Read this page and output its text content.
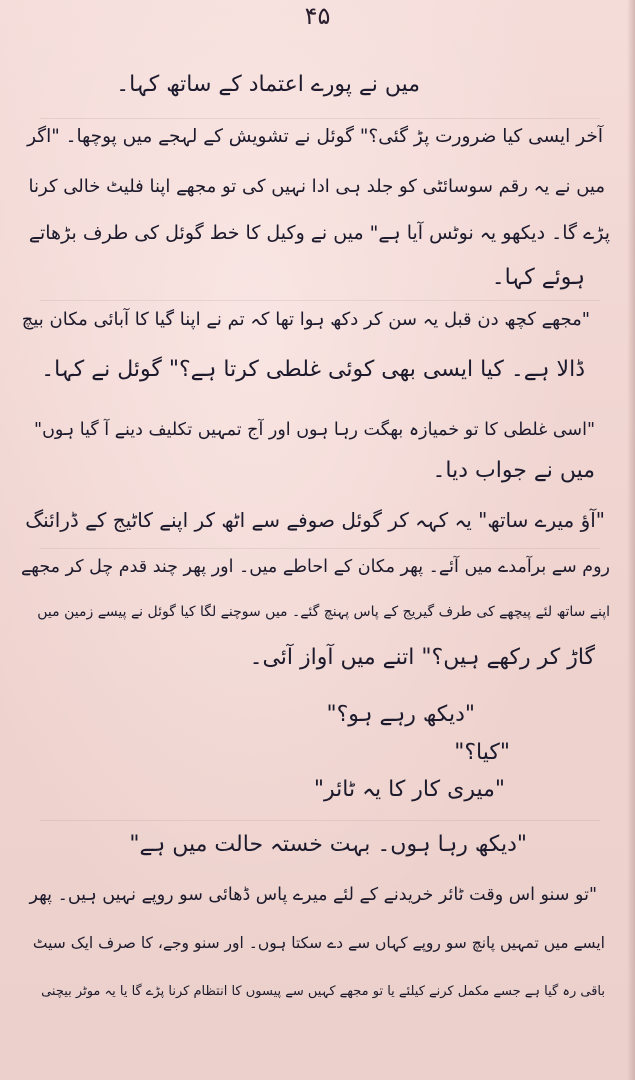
۴۵
میں نے پورے اعتماد کے ساتھ کہا۔
آخر ایسی کیا ضرورت پڑ گئی؟" گوئل نے تشویش کے لہجے میں پوچھا۔ "اگر
میں نے یہ رقم سوسائٹی کو جلد ہی ادا نہیں کی تو مجھے اپنا فلیٹ خالی کرنا
پڑے گا۔ دیکھو یہ نوٹس آیا ہے" میں نے وکیل کا خط گوئل کی طرف بڑھاتے
ہوئے کہا۔
"مجھے کچھ دن قبل یہ سن کر دکھ ہوا تھا کہ تم نے اپنا گیا کا آبائی مکان بیچ
ڈالا ہے۔ کیا ایسی بھی کوئی غلطی کرتا ہے؟" گوئل نے کہا۔
"اسی غلطی کا تو خمیازہ بھگت رہا ہوں اور آج تمہیں تکلیف دینے آ گیا ہوں"
میں نے جواب دیا۔
"آؤ میرے ساتھ" یہ کہہ کر گوئل صوفے سے اٹھ کر اپنے کاٹیج کے ڈرائنگ
روم سے برآمدے میں آئے۔ پھر مکان کے احاطے میں۔ اور پھر چند قدم چل کر مجھے
اپنے ساتھ لئے پیچھے کی طرف گیریج کے پاس پہنچ گئے۔ میں سوچنے لگا کیا گوئل نے پیسے زمین میں
گاڑ کر رکھے ہیں؟" اتنے میں آواز آئی۔
"دیکھ رہے ہو؟"
"کیا؟"
"میری کار کا یہ ٹائر"
"دیکھ رہا ہوں۔ بہت خستہ حالت میں ہے"
"تو سنو اس وقت ٹائر خریدنے کے لئے میرے پاس ڈھائی سو روپے نہیں ہیں۔ پھر
ایسے میں تمہیں پانچ سو روپے کہاں سے دے سکتا ہوں۔ اور سنو وجے، کا صرف ایک سیٹ
باقی رہ گیا ہے جسے مکمل کرنے کیلئے یا تو مجھے کہیں سے پیسوں کا انتظام کرنا پڑے گا یا یہ موٹر بیچنی
